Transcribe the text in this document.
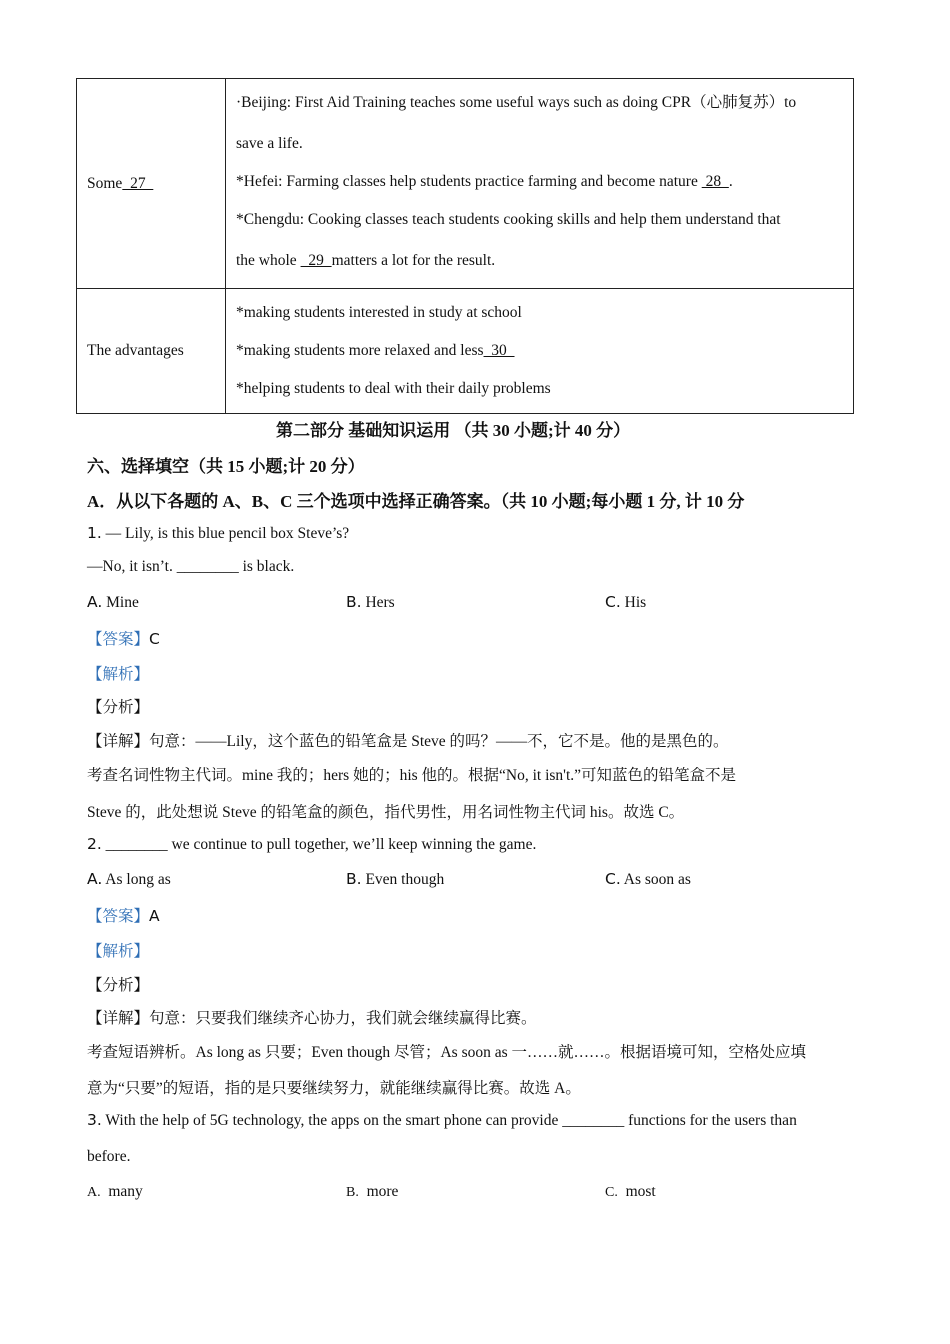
Some  27	·Beijing: First Aid Training teaches some useful ways such as doing CPR（心肺复苏）to
save a life.
*Hefei: Farming classes help students practice farming and become nature  28  .
*Chengdu: Cooking classes teach students cooking skills and help them understand that
the whole   29  matters a lot for the result.

The advantages	*making students interested in study at school
*making students more relaxed and less  30
*helping students to deal with their daily problems
第二部分 基础知识运用 （共 30 小题;计 40 分）
六、选择填空（共 15 小题;计 20 分）
A．从以下各题的 A、B、C 三个选项中选择正确答案。（共 10 小题;每小题 1 分, 计 10 分
1. — Lily, is this blue pencil box Steve’s?
—No, it isn’t. ________ is black.
A. Mine	B. Hers	C. His
【答案】C
【解析】
【分析】
【详解】句意：——Lily，这个蓝色的铅笔盒是 Steve 的吗？——不，它不是。他的是黑色的。
考查名词性物主代词。mine 我的；hers 她的；his 他的。根据“No, it isn't.”可知蓝色的铅笔盒不是
Steve 的，此处想说 Steve 的铅笔盒的颜色，指代男性，用名词性物主代词 his。故选 C。
2. ________ we continue to pull together, we’ll keep winning the game.
A. As long as	B. Even though	C. As soon as
【答案】A
【解析】
【分析】
【详解】句意：只要我们继续齐心协力，我们就会继续赢得比赛。
考查短语辨析。As long as 只要；Even though 尽管；As soon as 一……就……。根据语境可知，空格处应填
意为“只要”的短语，指的是只要继续努力，就能继续赢得比赛。故选 A。
3. With the help of 5G technology, the apps on the smart phone can provide ________ functions for the users than
before.
A. many	B. more	C. most
